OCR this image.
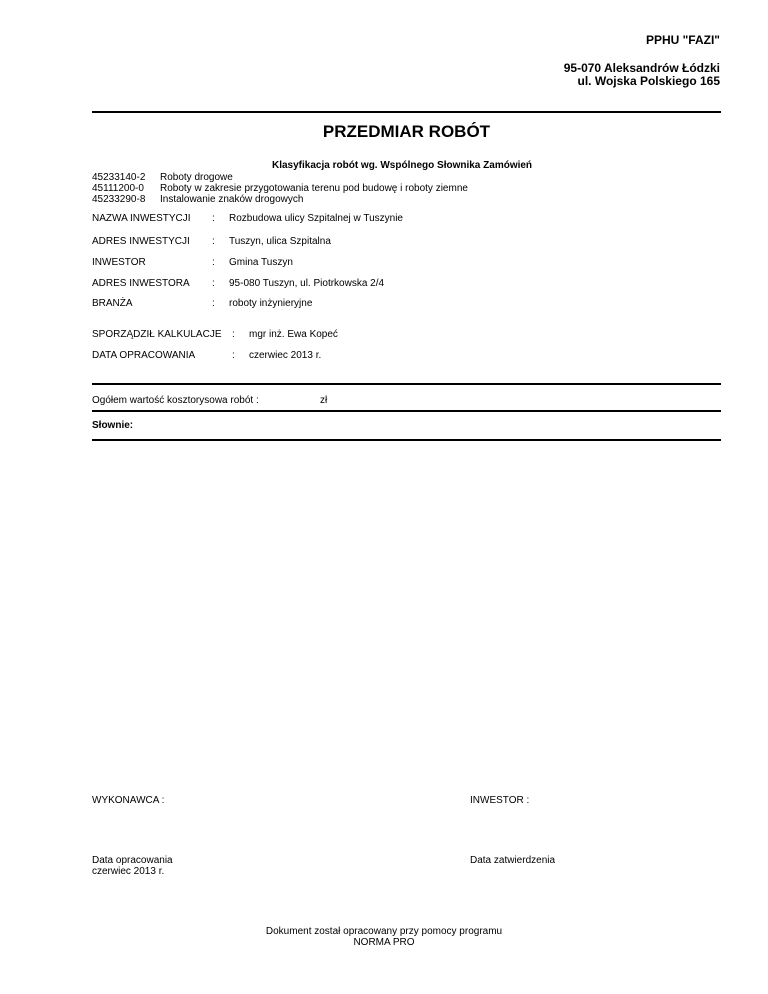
PPHU "FAZI"
95-070 Aleksandrów Łódzki
ul. Wojska Polskiego 165
PRZEDMIAR ROBÓT
Klasyfikacja robót wg. Wspólnego Słownika Zamówień
45233140-2	Roboty drogowe
45111200-0	Roboty w zakresie przygotowania terenu pod budowę i roboty ziemne
45233290-8	Instalowanie znaków drogowych
NAZWA INWESTYCJI	:	Rozbudowa ulicy Szpitalnej w Tuszynie
ADRES INWESTYCJI	:	Tuszyn, ulica Szpitalna
INWESTOR	:	Gmina Tuszyn
ADRES INWESTORA	:	95-080 Tuszyn, ul. Piotrkowska 2/4
BRANŻA	:	roboty inżynieryjne
SPORZĄDZIŁ KALKULACJE	:	mgr inż. Ewa Kopeć
DATA OPRACOWANIA	:	czerwiec 2013 r.
Ogółem wartość kosztorysowa robót :	zł
Słownie:
WYKONAWCA :	INWESTOR :
Data opracowania
czerwiec 2013 r.
Data zatwierdzenia
Dokument został opracowany przy pomocy programu
NORMA PRO
